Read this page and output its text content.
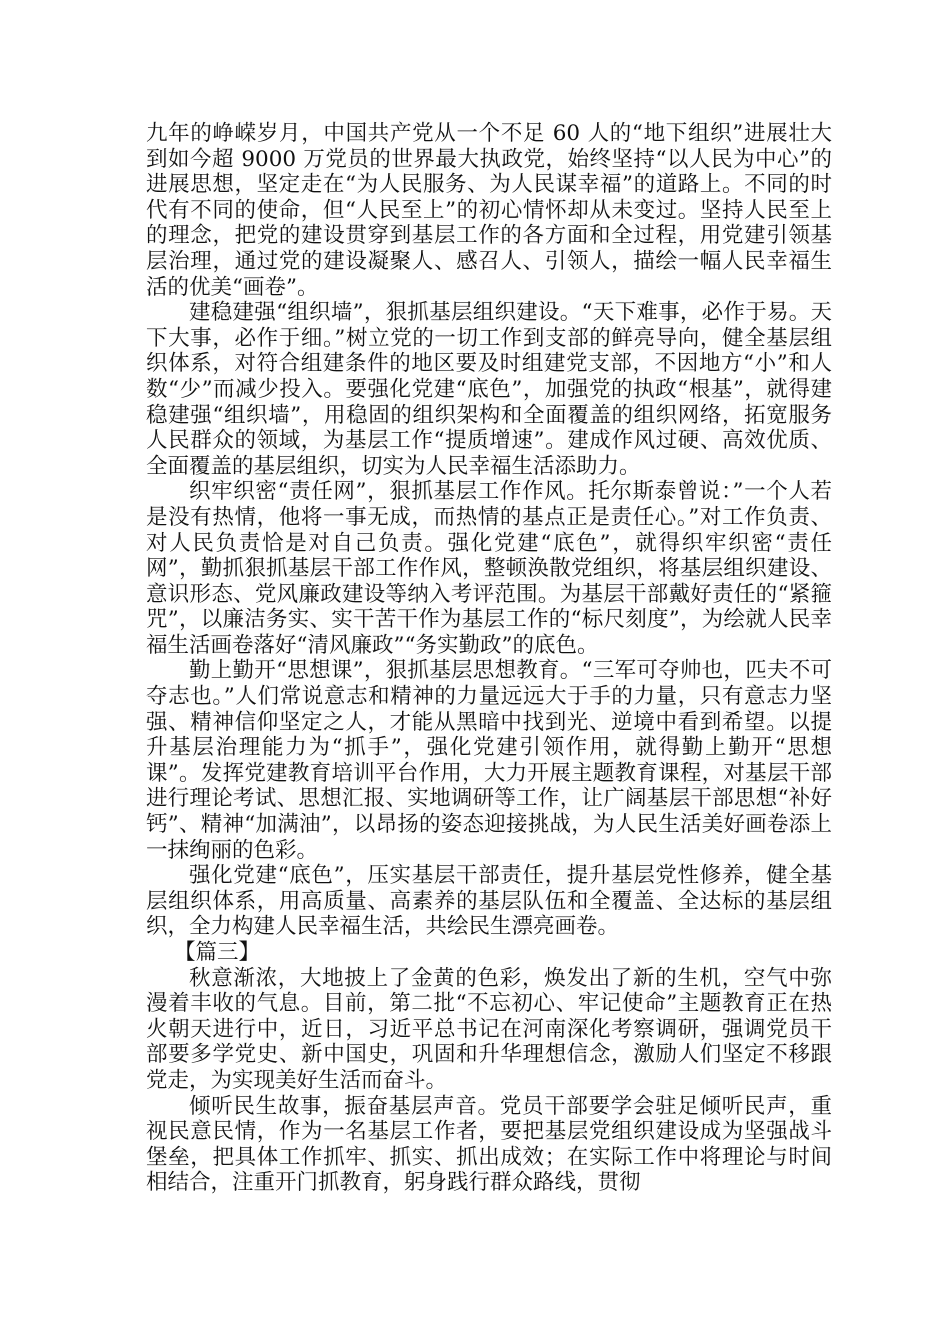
九年的峥嵘岁月，中国共产党从一个不足 60 人的“地下组织”进展壮大到如今超 9000 万党员的世界最大执政党，始终坚持“以人民为中心”的进展思想，坚定走在“为人民服务、为人民谋幸福”的道路上。不同的时代有不同的使命，但“人民至上”的初心情怀却从未变过。坚持人民至上的理念，把党的建设贯穿到基层工作的各方面和全过程，用党建引领基层治理，通过党的建设凝聚人、感召人、引领人，描绘一幅人民幸福生活的优美“画卷”。

建稳建强“组织墙”，狠抓基层组织建设。“天下难事，必作于易。天下大事，必作于细。”树立党的一切工作到支部的鲜亮导向，健全基层组织体系，对符合组建条件的地区要及时组建党支部，不因地方“小”和人数“少”而减少投入。要强化党建“底色”，加强党的执政“根基”，就得建稳建强“组织墙”，用稳固的组织架构和全面覆盖的组织网络，拓宽服务人民群众的领域，为基层工作“提质增速”。建成作风过硬、高效优质、全面覆盖的基层组织，切实为人民幸福生活添助力。

织牢织密“责任网”，狠抓基层工作作风。托尔斯泰曾说：”一个人若是没有热情，他将一事无成，而热情的基点正是责任心。”对工作负责、对人民负责恰是对自己负责。强化党建“底色”，就得织牢织密“责任网”，勤抓狠抓基层干部工作作风，整顿涣散党组织，将基层组织建设、意识形态、党风廉政建设等纳入考评范围。为基层干部戴好责任的“紧箍咒”，以廉洁务实、实干苦干作为基层工作的“标尺刻度”，为绘就人民幸福生活画卷落好“清风廉政”“务实勤政”的底色。

勤上勤开“思想课”，狠抓基层思想教育。“三军可夺帅也，匹夫不可夺志也。”人们常说意志和精神的力量远远大于手的力量，只有意志力坚强、精神信仰坚定之人，才能从黑暗中找到光、逆境中看到希望。以提升基层治理能力为“抓手”，强化党建引领作用，就得勤上勤开“思想课”。发挥党建教育培训平台作用，大力开展主题教育课程，对基层干部进行理论考试、思想汇报、实地调研等工作，让广阔基层干部思想“补好钙”、精神“加满油”，以昂扬的姿态迎接挑战，为人民生活美好画卷添上一抹绚丽的色彩。

强化党建“底色”，压实基层干部责任，提升基层党性修养，健全基层组织体系，用高质量、高素养的基层队伍和全覆盖、全达标的基层组织，全力构建人民幸福生活，共绘民生漂亮画卷。

【篇三】

秋意渐浓，大地披上了金黄的色彩，焕发出了新的生机，空气中弥漫着丰收的气息。目前，第二批“不忘初心、牢记使命”主题教育正在热火朝天进行中，近日，习近平总书记在河南深化考察调研，强调党员干部要多学党史、新中国史，巩固和升华理想信念，激励人们坚定不移跟党走，为实现美好生活而奋斗。

倾听民生故事，振奋基层声音。党员干部要学会驻足倾听民声，重视民意民情，作为一名基层工作者，要把基层党组织建设成为坚强战斗堡垒，把具体工作抓牢、抓实、抓出成效；在实际工作中将理论与时间相结合，注重开门抓教育，躬身践行群众路线，贯彻
